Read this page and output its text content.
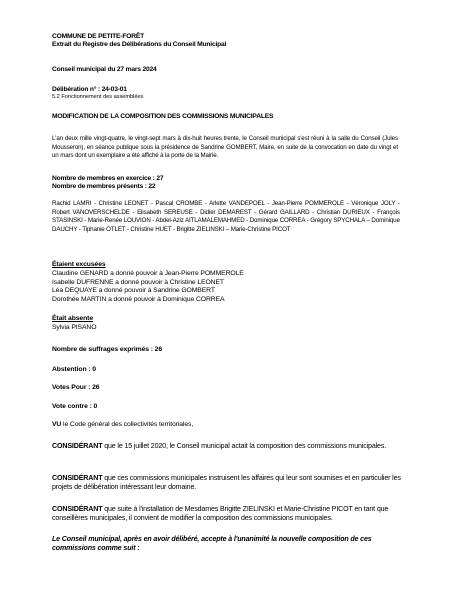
COMMUNE DE PETITE-FORÊT
Extrait du Registre des Délibérations du Conseil Municipal
Conseil municipal du 27 mars 2024
Délibération n° : 24-03-01
5.2 Fonctionnement des assemblées
MODIFICATION DE LA COMPOSITION DES COMMISSIONS MUNICIPALES
L'an deux mille vingt-quatre, le vingt-sept mars à dix-huit heures trente, le Conseil municipal s'est réuni à la salle du Conseil (Jules Mousseron), en séance publique sous la présidence de Sandrine GOMBERT, Maire, en suite de la convocation en date du vingt et un mars dont un exemplaire a été affiché à la porte de la Mairie.
Nombre de membres en exercice : 27
Nombre de membres présents : 22
Rachid LAMRI - Christine LEONET - Pascal CROMBE - Arlette VANDEPOEL - Jean-Pierre POMMEROLE - Véronique JOLY - Robert VANOVERSCHELDE - Elisabeth SEREUSE - Didier DEMAREST - Gérard GAILLARD - Christian DURIEUX - François STASINSKI - Marie-Renée LOUVION - Abdel-Aziz AITLAMALEMAHMED - Dominique CORREA - Grégory SPYCHALA – Dominique DAUCHY - Tiphanie OTLET - Christine HUET - Brigitte ZIELINSKI – Marie-Christine PICOT
Étaient excusées
Claudine GENARD a donné pouvoir à Jean-Pierre POMMEROLE
Isabelle DUFRENNE a donné pouvoir à Christine LEONET
Léa DEQUAYE a donné pouvoir à Sandrine GOMBERT
Dorothée MARTIN a donné pouvoir à Dominique CORREA
Était absente
Sylvia PISANO
Nombre de suffrages exprimés : 26
Abstention : 0
Votes Pour : 26
Vote contre : 0
VU le Code général des collectivités territoriales,
CONSIDÉRANT que le 15 juillet 2020, le Conseil municipal actait la composition des commissions municipales.
CONSIDÉRANT que ces commissions municipales instruisent les affaires qui leur sont soumises et en particulier les projets de délibération intéressant leur domaine.
CONSIDÉRANT que suite à l'installation de Mesdames Brigitte ZIELINSKI et Marie-Christine PICOT en tant que conseillères municipales, il convient de modifier la composition des commissions municipales.
Le Conseil municipal, après en avoir délibéré, accepte à l'unanimité la nouvelle composition de ces commissions comme suit :
